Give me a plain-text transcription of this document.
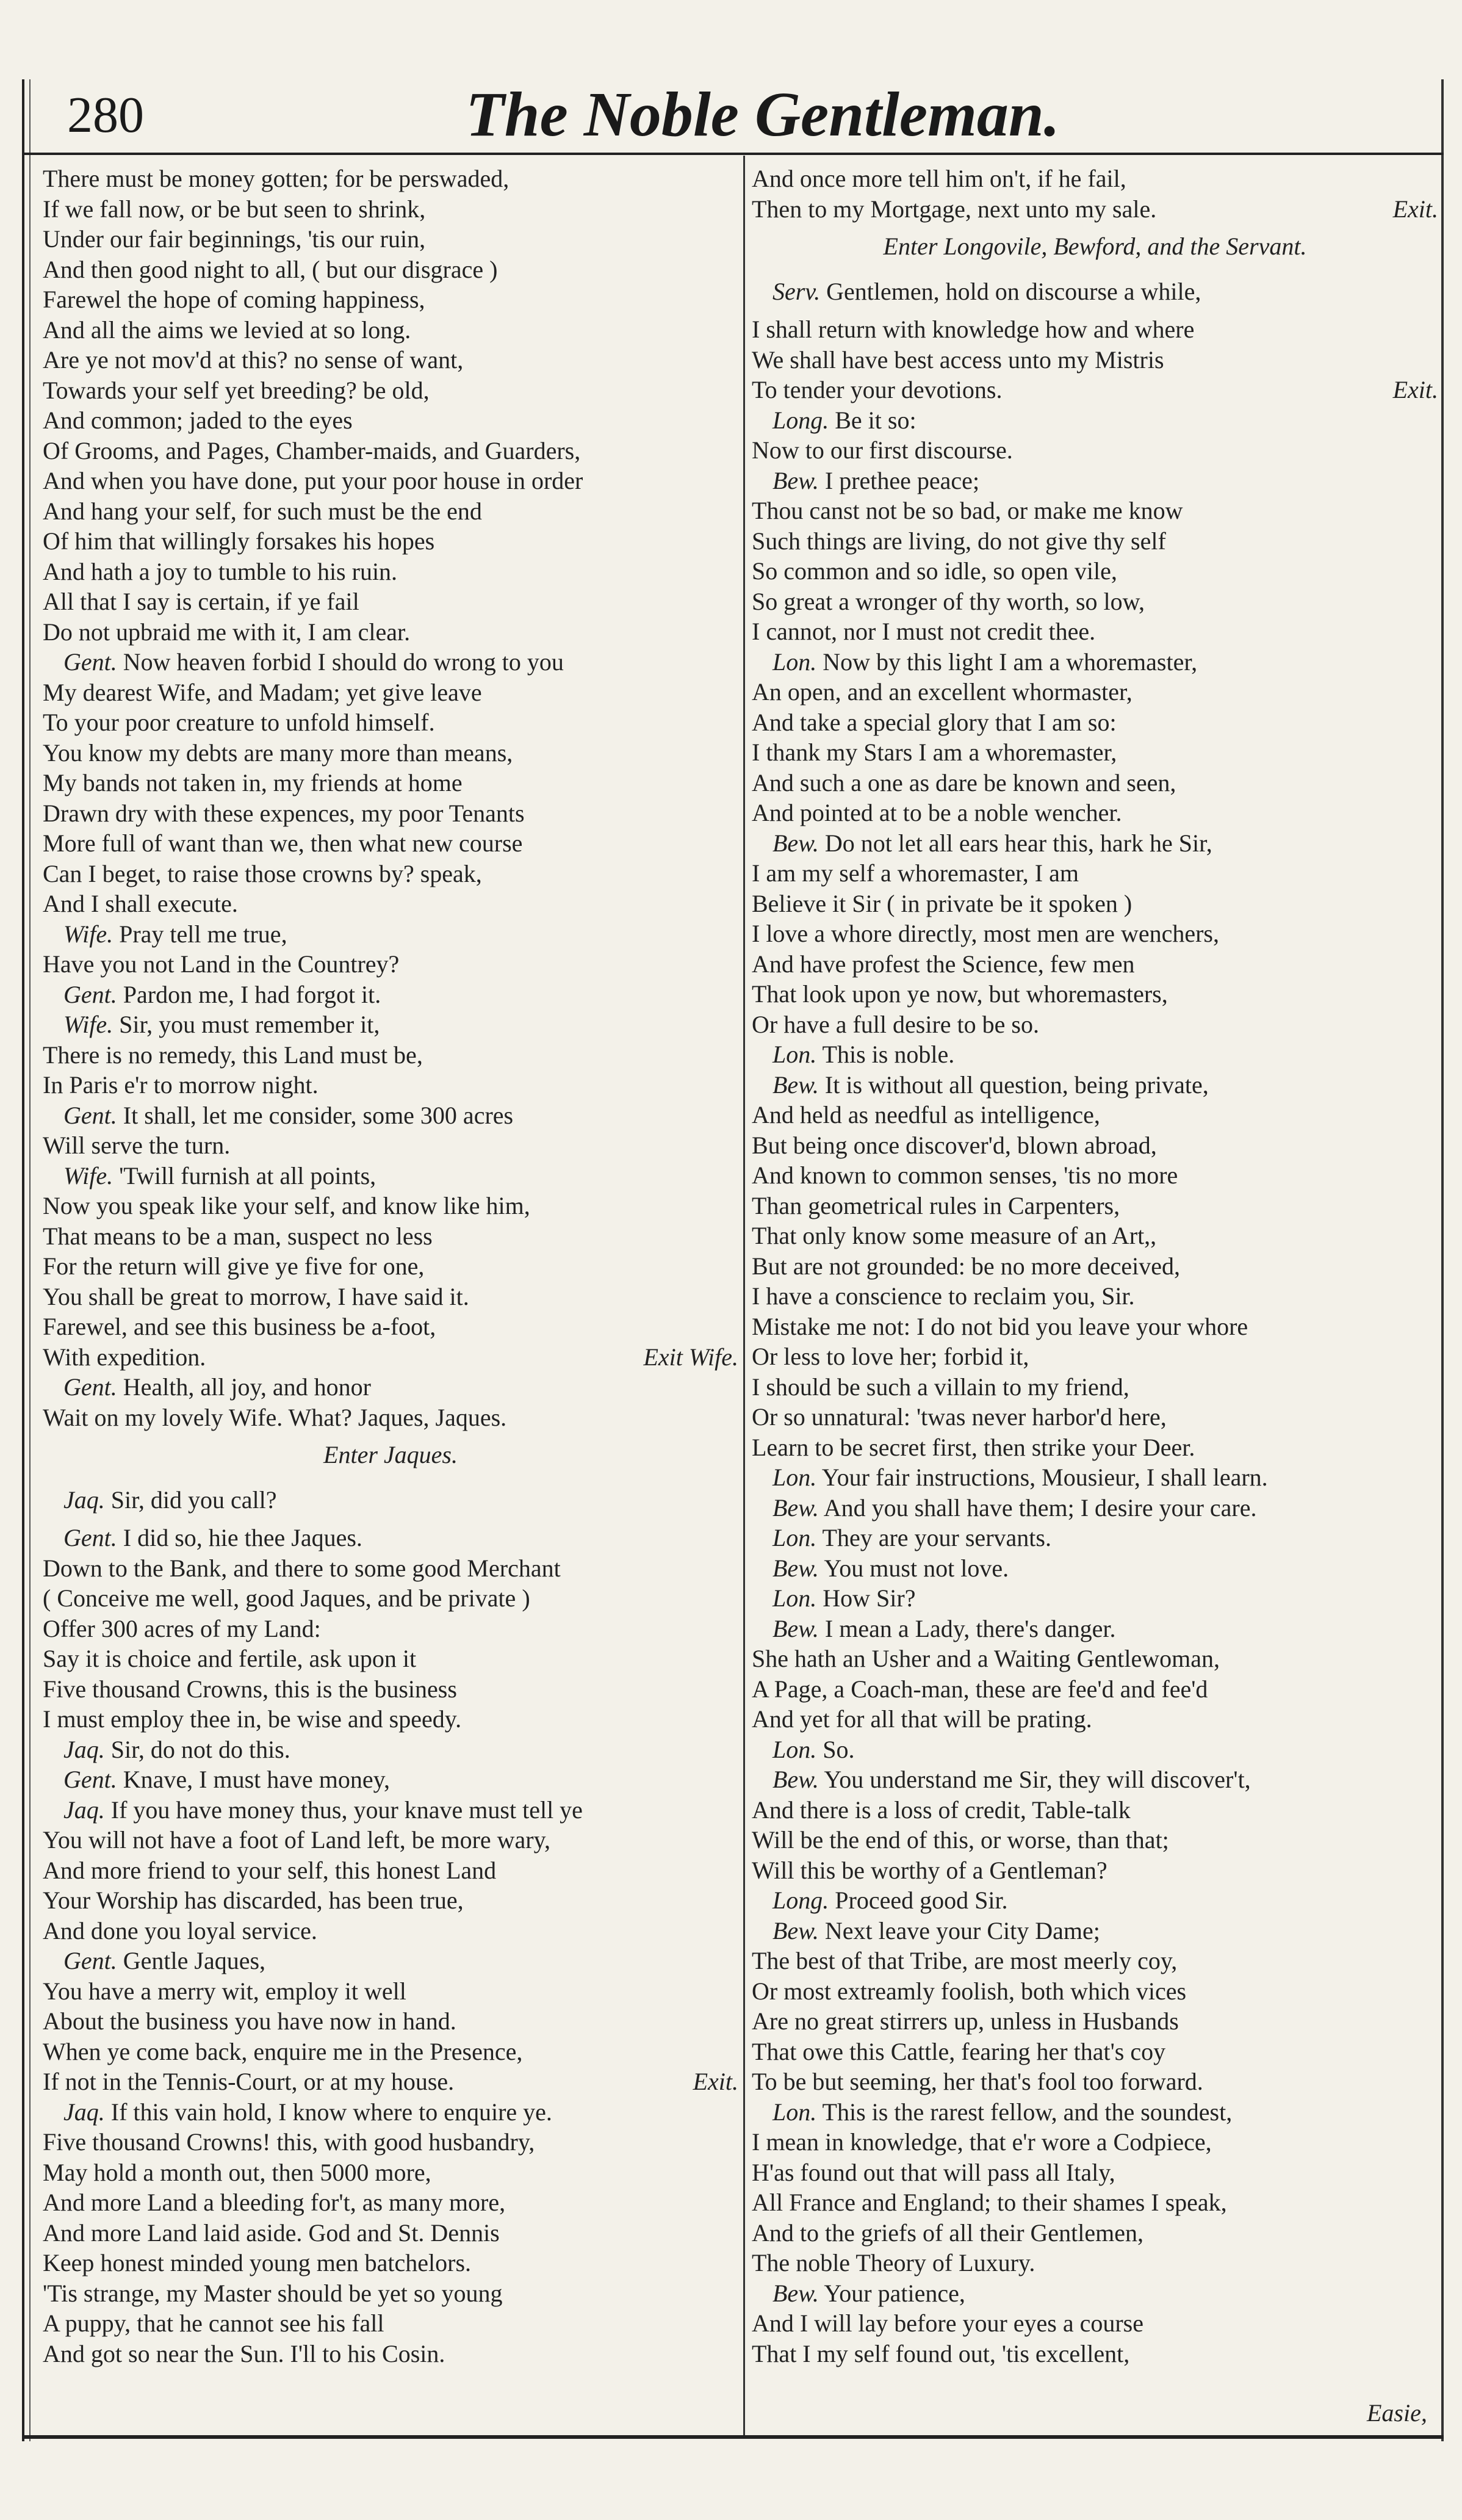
280	The Noble Gentleman.
There must be money gotten; for be perswaded,
If we fall now, or be but seen to shrink,
Under our fair beginnings, 'tis our ruin,
And then good night to all, ( but our disgrace )
Farewel the hope of coming happiness,
And all the aims we levied at so long.
Are ye not mov'd at this? no sense of want,
Towards your self yet breeding? be old,
And common; jaded to the eyes
Of Grooms, and Pages, Chamber-maids, and Guarders,
And when you have done, put your poor house in order
And hang your self, for such must be the end
Of him that willingly forsakes his hopes
And hath a joy to tumble to his ruin.
All that I say is certain, if ye fail
Do not upbraid me with it, I am clear.
Gent. Now heaven forbid I should do wrong to you
My dearest Wife, and Madam; yet give leave
To your poor creature to unfold himself.
You know my debts are many more than means,
My bands not taken in, my friends at home
Drawn dry with these expences, my poor Tenants
More full of want than we, then what new course
Can I beget, to raise those crowns by? speak,
And I shall execute.
Wife. Pray tell me true,
Have you not Land in the Countrey?
Gent. Pardon me, I had forgot it.
Wife. Sir, you must remember it,
There is no remedy, this Land must be,
In Paris e'r to morrow night.
Gent. It shall, let me consider, some 300 acres
Will serve the turn.
Wife. 'Twill furnish at all points,
Now you speak like your self, and know like him,
That means to be a man, suspect no less
For the return will give ye five for one,
You shall be great to morrow, I have said it.
Farewel, and see this business be a-foot,
With expedition.	Exit Wife.
Gent. Health, all joy, and honor
Wait on my lovely Wife. What? Jaques, Jaques.
Enter Jaques.
Jaq. Sir, did you call?
Gent. I did so, hie thee Jaques.
Down to the Bank, and there to some good Merchant
( Conceive me well, good Jaques, and be private )
Offer 300 acres of my Land:
Say it is choice and fertile, ask upon it
Five thousand Crowns, this is the business
I must employ thee in, be wise and speedy.
Jaq. Sir, do not do this.
Gent. Knave, I must have money,
Jaq. If you have money thus, your knave must tell ye
You will not have a foot of Land left, be more wary,
And more friend to your self, this honest Land
Your Worship has discarded, has been true,
And done you loyal service.
Gent. Gentle Jaques,
You have a merry wit, employ it well
About the business you have now in hand.
When ye come back, enquire me in the Presence,
If not in the Tennis-Court, or at my house.	Exit.
Jaq. If this vain hold, I know where to enquire ye.
Five thousand Crowns! this, with good husbandry,
May hold a month out, then 5000 more,
And more Land a bleeding for't, as many more,
And more Land laid aside. God and St. Dennis
Keep honest minded young men batchelors.
'Tis strange, my Master should be yet so young
A puppy, that he cannot see his fall
And got so near the Sun. I'll to his Cosin.
And once more tell him on't, if he fail,
Then to my Mortgage, next unto my sale.	Exit.
Enter Longovile, Bewford, and the Servant.
Serv. Gentlemen, hold on discourse a while,
I shall return with knowledge how and where
We shall have best access unto my Mistris
To tender your devotions.	Exit.
Long. Be it so:
Now to our first discourse.
Bew. I prethee peace;
Thou canst not be so bad, or make me know
Such things are living, do not give thy self
So common and so idle, so open vile,
So great a wronger of thy worth, so low,
I cannot, nor I must not credit thee.
Lon. Now by this light I am a whoremaster,
An open, and an excellent whormaster,
And take a special glory that I am so:
I thank my Stars I am a whoremaster,
And such a one as dare be known and seen,
And pointed at to be a noble wencher.
Bew. Do not let all ears hear this, hark he Sir,
I am my self a whoremaster, I am
Believe it Sir ( in private be it spoken )
I love a whore directly, most men are wenchers,
And have profest the Science, few men
That look upon ye now, but whoremasters,
Or have a full desire to be so.
Lon. This is noble.
Bew. It is without all question, being private,
And held as needful as intelligence,
But being once discover'd, blown abroad,
And known to common senses, 'tis no more
Than geometrical rules in Carpenters,
That only know some measure of an Art,,
But are not grounded: be no more deceived,
I have a conscience to reclaim you, Sir.
Mistake me not: I do not bid you leave your whore
Or less to love her; forbid it,
I should be such a villain to my friend,
Or so unnatural: 'twas never harbor'd here,
Learn to be secret first, then strike your Deer.
Lon. Your fair instructions, Mousieur, I shall learn.
Bew. And you shall have them; I desire your care.
Lon. They are your servants.
Bew. You must not love.
Lon. How Sir?
Bew. I mean a Lady, there's danger.
She hath an Usher and a Waiting Gentlewoman,
A Page, a Coach-man, these are fee'd and fee'd
And yet for all that will be prating.
Lon. So.
Bew. You understand me Sir, they will discover't,
And there is a loss of credit, Table-talk
Will be the end of this, or worse, than that;
Will this be worthy of a Gentleman?
Long. Proceed good Sir.
Bew. Next leave your City Dame;
The best of that Tribe, are most meerly coy,
Or most extreamly foolish, both which vices
Are no great stirrers up, unless in Husbands
That owe this Cattle, fearing her that's coy
To be but seeming, her that's fool too forward.
Lon. This is the rarest fellow, and the soundest,
I mean in knowledge, that e'r wore a Codpiece,
H'as found out that will pass all Italy,
All France and England; to their shames I speak,
And to the griefs of all their Gentlemen,
The noble Theory of Luxury.
Bew. Your patience,
And I will lay before your eyes a course
That I my self found out, 'tis excellent,
Easie,
